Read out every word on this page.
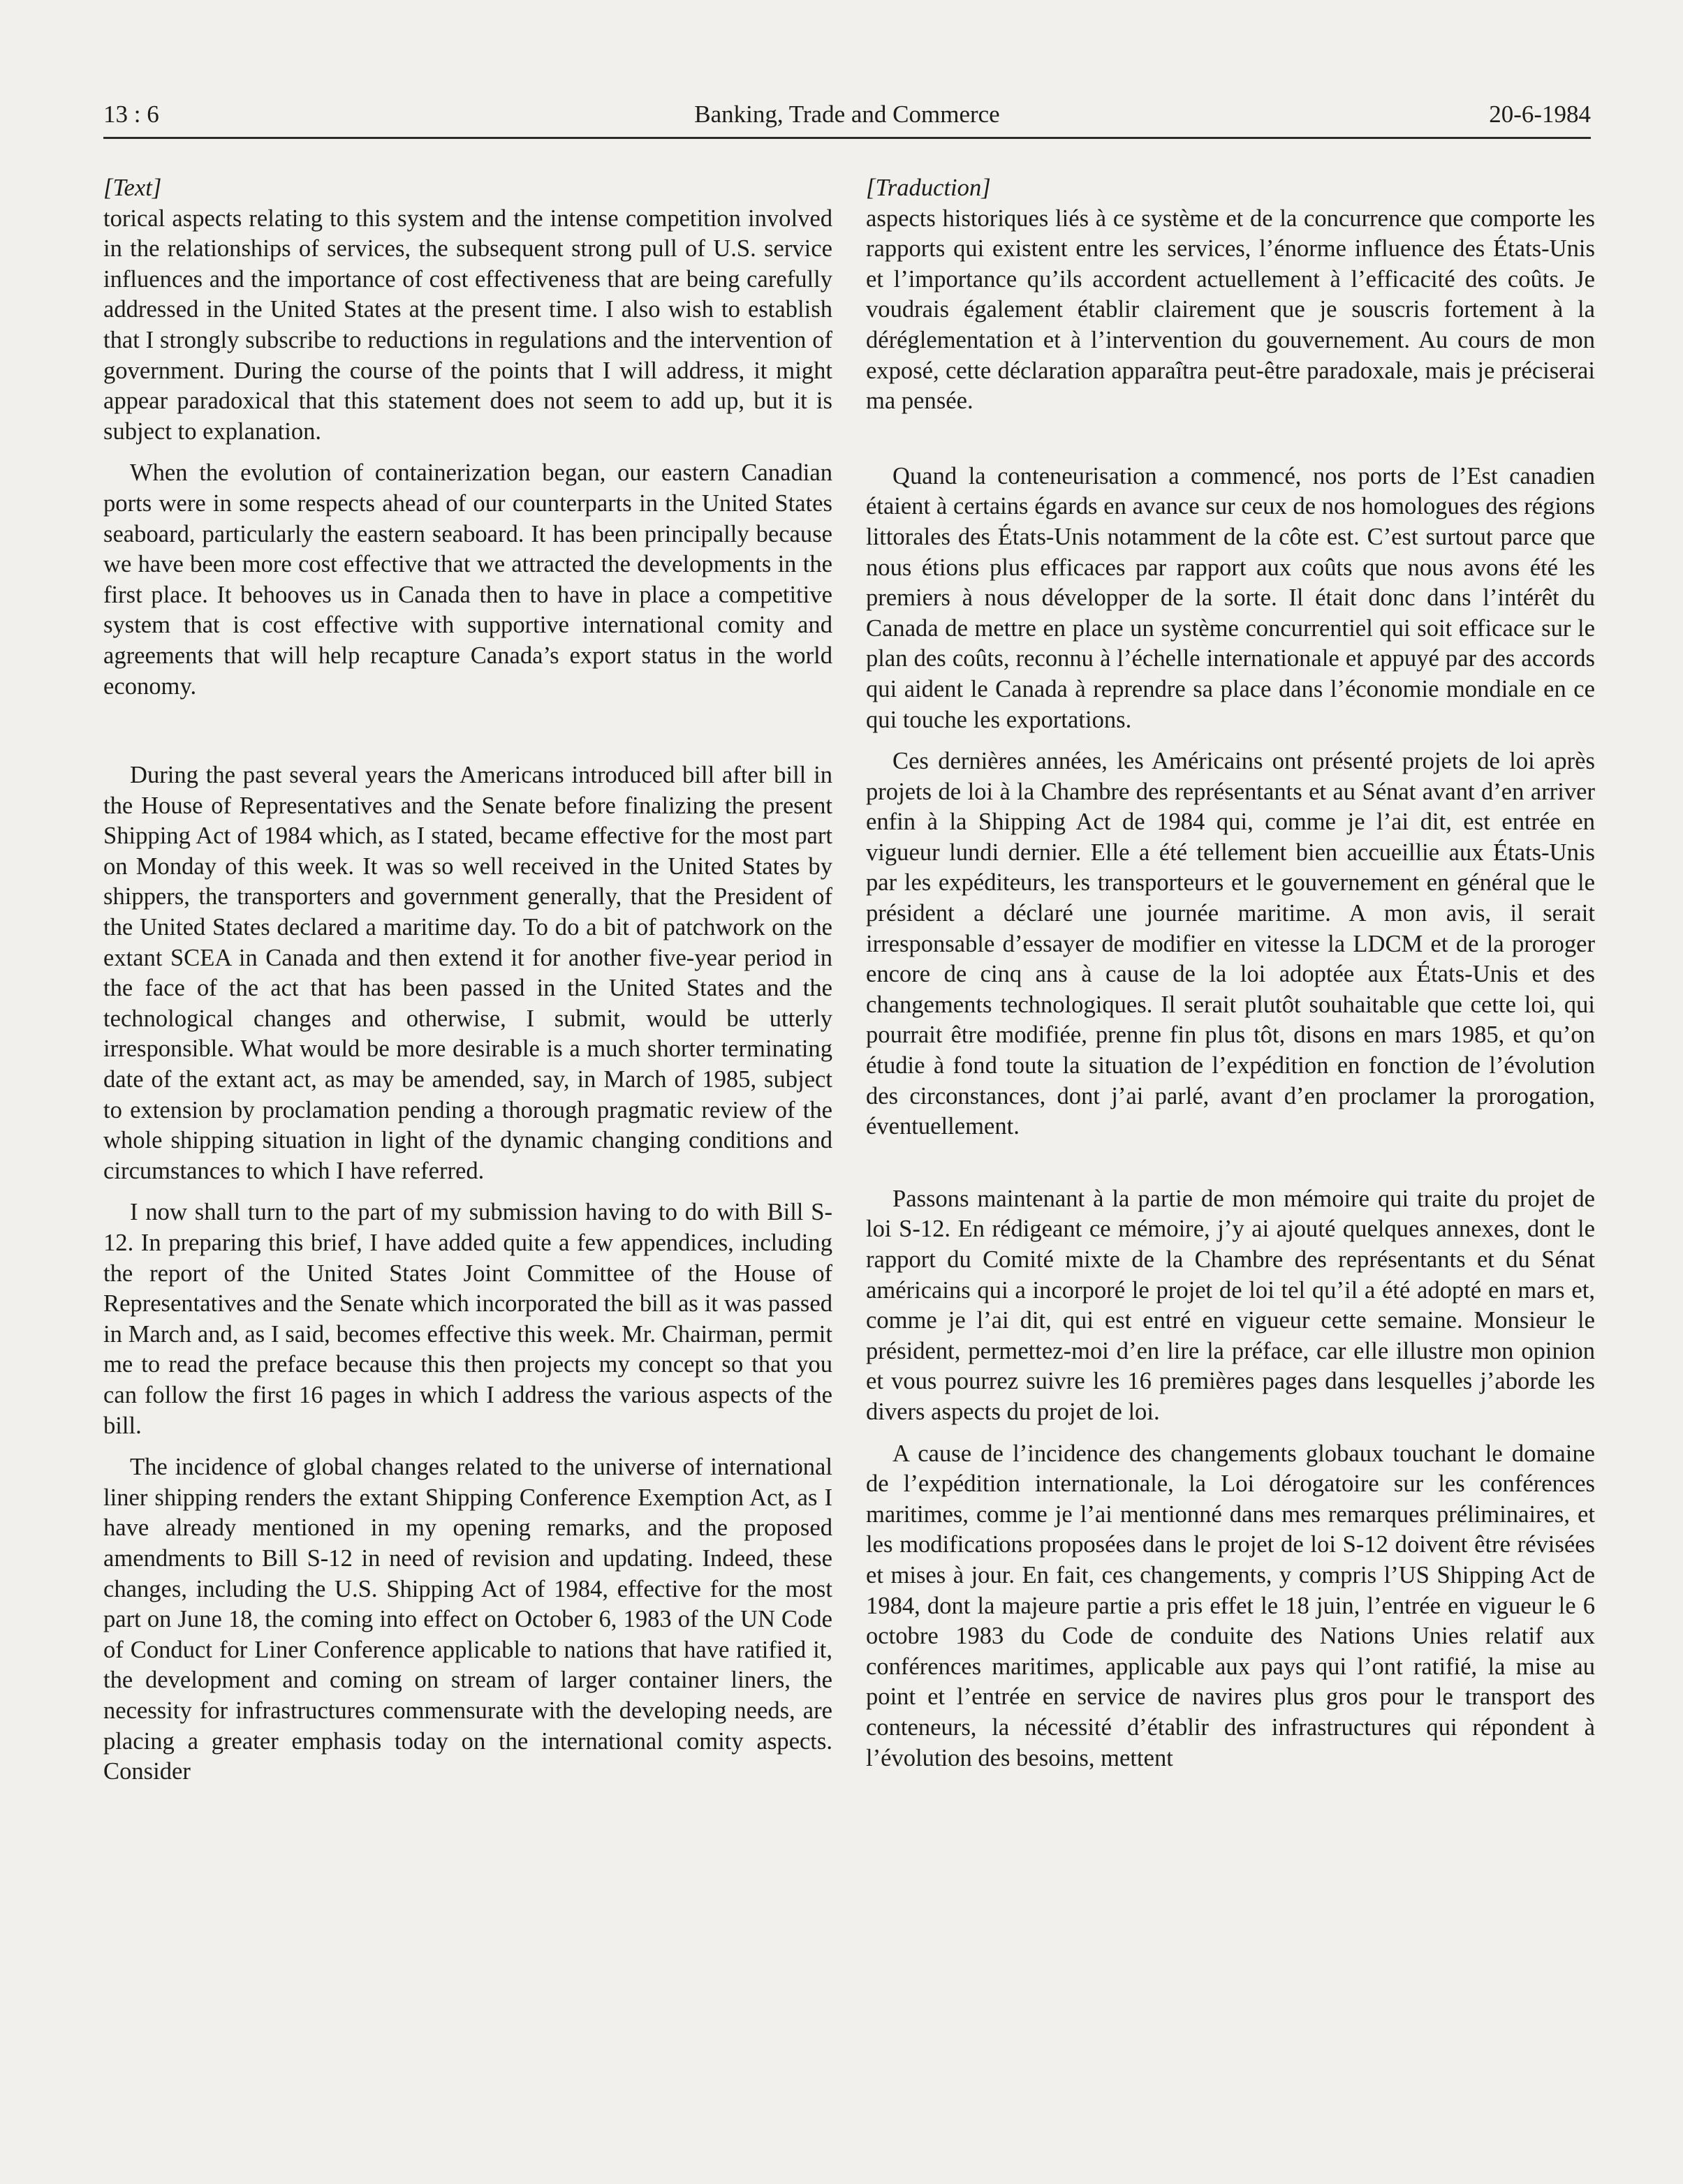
13 : 6	Banking, Trade and Commerce	20-6-1984

[Text]

torical aspects relating to this system and the intense competition involved in the relationships of services, the subsequent strong pull of U.S. service influences and the importance of cost effectiveness that are being carefully addressed in the United States at the present time. I also wish to establish that I strongly subscribe to reductions in regulations and the intervention of government. During the course of the points that I will address, it might appear paradoxical that this statement does not seem to add up, but it is subject to explanation.

When the evolution of containerization began, our eastern Canadian ports were in some respects ahead of our counterparts in the United States seaboard, particularly the eastern seaboard. It has been principally because we have been more cost effective that we attracted the developments in the first place. It behooves us in Canada then to have in place a competitive system that is cost effective with supportive international comity and agreements that will help recapture Canada’s export status in the world economy.

During the past several years the Americans introduced bill after bill in the House of Representatives and the Senate before finalizing the present Shipping Act of 1984 which, as I stated, became effective for the most part on Monday of this week. It was so well received in the United States by shippers, the transporters and government generally, that the President of the United States declared a maritime day. To do a bit of patchwork on the extant SCEA in Canada and then extend it for another five-year period in the face of the act that has been passed in the United States and the technological changes and otherwise, I submit, would be utterly irresponsible. What would be more desirable is a much shorter terminating date of the extant act, as may be amended, say, in March of 1985, subject to extension by proclamation pending a thorough pragmatic review of the whole shipping situation in light of the dynamic changing conditions and circumstances to which I have referred.

I now shall turn to the part of my submission having to do with Bill S-12. In preparing this brief, I have added quite a few appendices, including the report of the United States Joint Committee of the House of Representatives and the Senate which incorporated the bill as it was passed in March and, as I said, becomes effective this week. Mr. Chairman, permit me to read the preface because this then projects my concept so that you can follow the first 16 pages in which I address the various aspects of the bill.

The incidence of global changes related to the universe of international liner shipping renders the extant Shipping Conference Exemption Act, as I have already mentioned in my opening remarks, and the proposed amendments to Bill S-12 in need of revision and updating. Indeed, these changes, including the U.S. Shipping Act of 1984, effective for the most part on June 18, the coming into effect on October 6, 1983 of the UN Code of Conduct for Liner Conference applicable to nations that have ratified it, the development and coming on stream of larger container liners, the necessity for infrastructures commensurate with the developing needs, are placing a greater emphasis today on the international comity aspects. Consider

[Traduction]

aspects historiques liés à ce système et de la concurrence que comporte les rapports qui existent entre les services, l’énorme influence des États-Unis et l’importance qu’ils accordent actuellement à l’efficacité des coûts. Je voudrais également établir clairement que je souscris fortement à la déréglementation et à l’intervention du gouvernement. Au cours de mon exposé, cette déclaration apparaîtra peut-être paradoxale, mais je préciserai ma pensée.

Quand la conteneurisation a commencé, nos ports de l’Est canadien étaient à certains égards en avance sur ceux de nos homologues des régions littorales des États-Unis notamment de la côte est. C’est surtout parce que nous étions plus efficaces par rapport aux coûts que nous avons été les premiers à nous développer de la sorte. Il était donc dans l’intérêt du Canada de mettre en place un système concurrentiel qui soit efficace sur le plan des coûts, reconnu à l’échelle internationale et appuyé par des accords qui aident le Canada à reprendre sa place dans l’économie mondiale en ce qui touche les exportations.

Ces dernières années, les Américains ont présenté projets de loi après projets de loi à la Chambre des représentants et au Sénat avant d’en arriver enfin à la Shipping Act de 1984 qui, comme je l’ai dit, est entrée en vigueur lundi dernier. Elle a été tellement bien accueillie aux États-Unis par les expéditeurs, les transporteurs et le gouvernement en général que le président a déclaré une journée maritime. A mon avis, il serait irresponsable d’essayer de modifier en vitesse la LDCM et de la proroger encore de cinq ans à cause de la loi adoptée aux États-Unis et des changements technologiques. Il serait plutôt souhaitable que cette loi, qui pourrait être modifiée, prenne fin plus tôt, disons en mars 1985, et qu’on étudie à fond toute la situation de l’expédition en fonction de l’évolution des circonstances, dont j’ai parlé, avant d’en proclamer la prorogation, éventuellement.

Passons maintenant à la partie de mon mémoire qui traite du projet de loi S-12. En rédigeant ce mémoire, j’y ai ajouté quelques annexes, dont le rapport du Comité mixte de la Chambre des représentants et du Sénat américains qui a incorporé le projet de loi tel qu’il a été adopté en mars et, comme je l’ai dit, qui est entré en vigueur cette semaine. Monsieur le président, permettez-moi d’en lire la préface, car elle illustre mon opinion et vous pourrez suivre les 16 premières pages dans lesquelles j’aborde les divers aspects du projet de loi.

A cause de l’incidence des changements globaux touchant le domaine de l’expédition internationale, la Loi dérogatoire sur les conférences maritimes, comme je l’ai mentionné dans mes remarques préliminaires, et les modifications proposées dans le projet de loi S-12 doivent être révisées et mises à jour. En fait, ces changements, y compris l’US Shipping Act de 1984, dont la majeure partie a pris effet le 18 juin, l’entrée en vigueur le 6 octobre 1983 du Code de conduite des Nations Unies relatif aux conférences maritimes, applicable aux pays qui l’ont ratifié, la mise au point et l’entrée en service de navires plus gros pour le transport des conteneurs, la nécessité d’établir des infrastructures qui répondent à l’évolution des besoins, mettent
